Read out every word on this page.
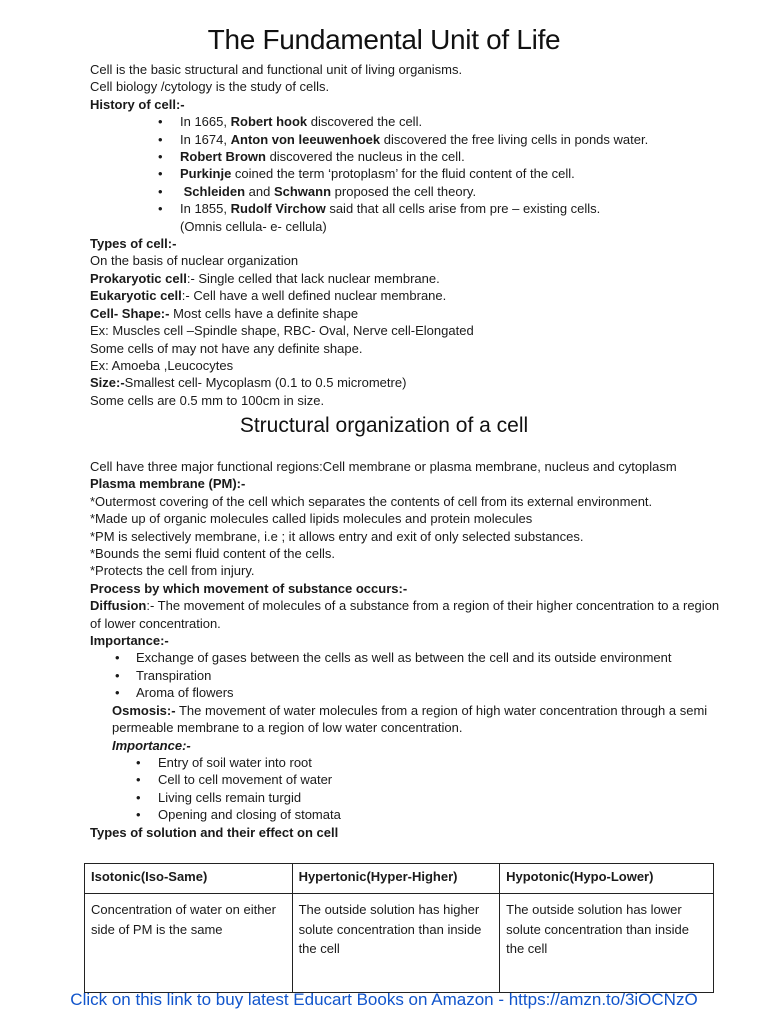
The Fundamental Unit of Life
Cell is the basic structural and functional unit of living organisms.
Cell biology /cytology is the study of cells.
History of cell:-
• In 1665, Robert hook discovered the cell.
• In 1674, Anton von leeuwenhoek discovered the free living cells in ponds water.
• Robert Brown discovered the nucleus in the cell.
• Purkinje coined the term ‘protoplasm’ for the fluid content of the cell.
• Schleiden and Schwann proposed the cell theory.
• In 1855, Rudolf Virchow said that all cells arise from pre – existing cells.
(Omnis cellula- e- cellula)
Types of cell:-
On the basis of nuclear organization
Prokaryotic cell:- Single celled that lack nuclear membrane.
Eukaryotic cell:- Cell have a well defined nuclear membrane.
Cell- Shape:- Most cells have a definite shape
Ex: Muscles cell –Spindle shape, RBC- Oval, Nerve cell-Elongated
Some cells of may not have any definite shape.
Ex: Amoeba ,Leucocytes
Size:-Smallest cell- Mycoplasm (0.1 to 0.5 micrometre)
Some cells are 0.5 mm to 100cm in size.
Structural organization of a cell
Cell have three major functional regions:Cell membrane or plasma membrane, nucleus and cytoplasm
Plasma membrane (PM):-
*Outermost covering of the cell which separates the contents of cell from its external environment.
*Made up of organic molecules called lipids molecules and protein molecules
*PM is selectively membrane, i.e ; it allows entry and exit of only selected substances.
*Bounds the semi fluid content of the cells.
*Protects the cell from injury.
Process by which movement of substance occurs:-
Diffusion:- The movement of molecules of a substance from a region of their higher concentration to a region of lower concentration.
Importance:-
• Exchange of gases between the cells as well as between the cell and its outside environment
• Transpiration
• Aroma of flowers
Osmosis:- The movement of water molecules from a region of high water concentration through a semi permeable membrane to a region of low water concentration.
Importance:-
• Entry of soil water into root
• Cell to cell movement of water
• Living cells remain turgid
• Opening and closing of stomata
Types of solution and their effect on cell
Isotonic(Iso-Same)	Hypertonic(Hyper-Higher)	Hypotonic(Hypo-Lower)
Concentration of water on either side of PM is the same	The outside solution has higher solute concentration than inside the cell	The outside solution has lower solute concentration than inside the cell
Click on this link to buy latest Educart Books on Amazon - https://amzn.to/3iOCNzO
